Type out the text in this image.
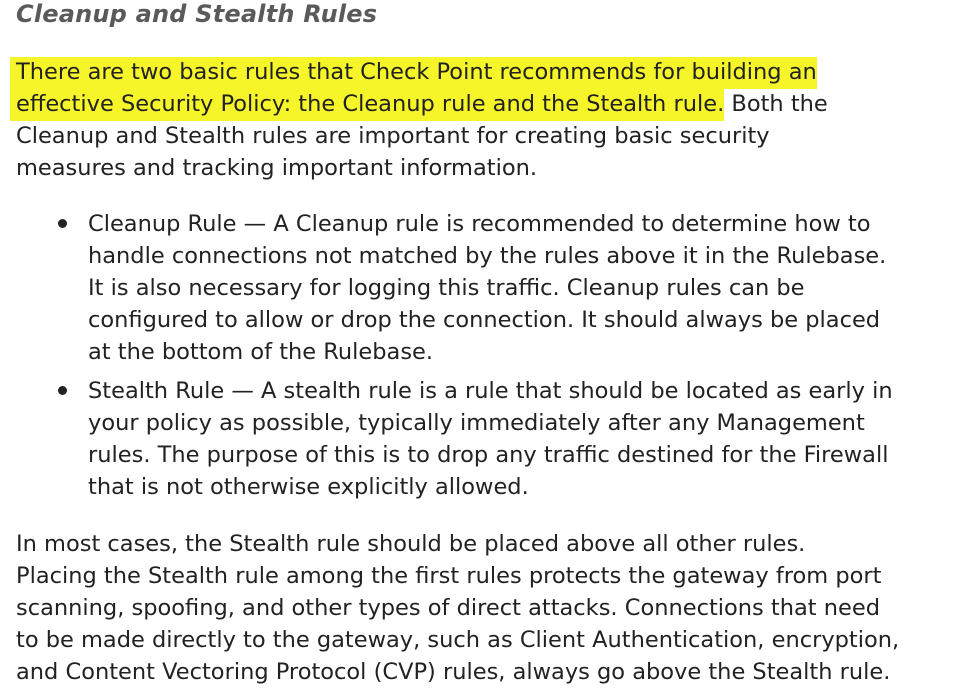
Cleanup and Stealth Rules
There are two basic rules that Check Point recommends for building an
effective Security Policy: the Cleanup rule and the Stealth rule. Both the
Cleanup and Stealth rules are important for creating basic security
measures and tracking important information.
Cleanup Rule — A Cleanup rule is recommended to determine how to
handle connections not matched by the rules above it in the Rulebase.
It is also necessary for logging this traffic. Cleanup rules can be
configured to allow or drop the connection. It should always be placed
at the bottom of the Rulebase.
Stealth Rule — A stealth rule is a rule that should be located as early in
your policy as possible, typically immediately after any Management
rules. The purpose of this is to drop any traffic destined for the Firewall
that is not otherwise explicitly allowed.
In most cases, the Stealth rule should be placed above all other rules.
Placing the Stealth rule among the first rules protects the gateway from port
scanning, spoofing, and other types of direct attacks. Connections that need
to be made directly to the gateway, such as Client Authentication, encryption,
and Content Vectoring Protocol (CVP) rules, always go above the Stealth rule.
